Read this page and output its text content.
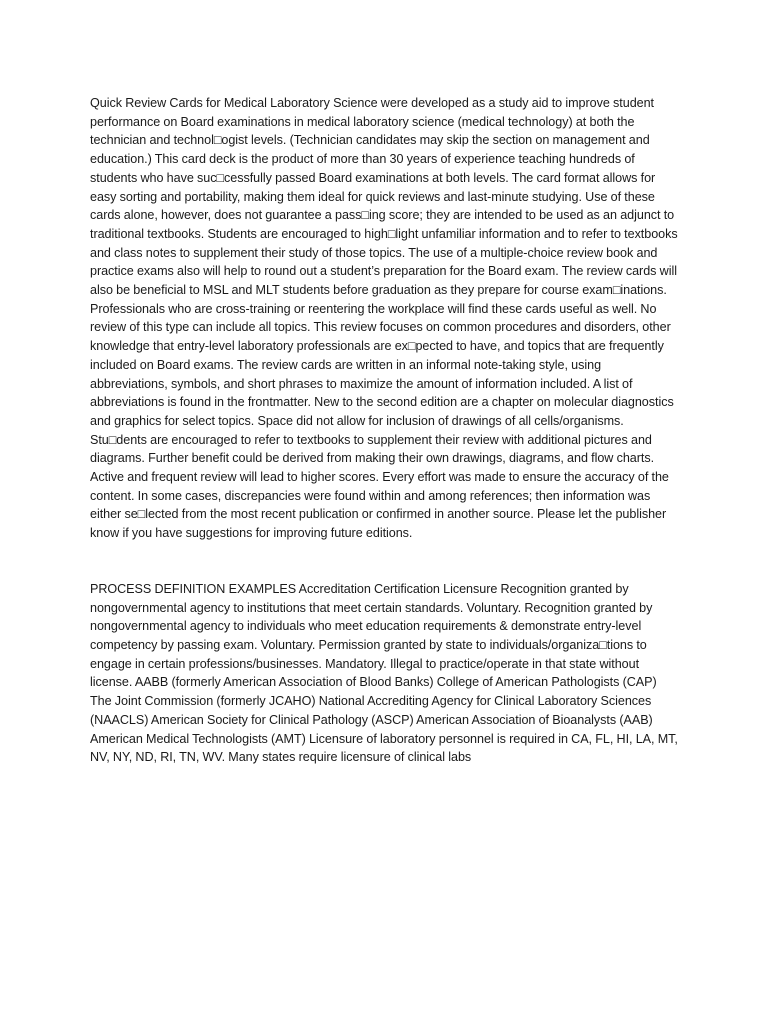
Quick Review Cards for Medical Laboratory Science were developed as a study aid to improve student performance on Board examinations in medical laboratory science (medical technology) at both the technician and technol□ogist levels. (Technician candidates may skip the section on management and education.) This card deck is the product of more than 30 years of experience teaching hundreds of students who have suc□cessfully passed Board examinations at both levels. The card format allows for easy sorting and portability, making them ideal for quick reviews and last-minute studying. Use of these cards alone, however, does not guarantee a pass□ing score; they are intended to be used as an adjunct to traditional textbooks. Students are encouraged to high□light unfamiliar information and to refer to textbooks and class notes to supplement their study of those topics. The use of a multiple-choice review book and practice exams also will help to round out a student’s preparation for the Board exam. The review cards will also be beneficial to MSL and MLT students before graduation as they prepare for course exam□inations. Professionals who are cross-training or reentering the workplace will find these cards useful as well. No review of this type can include all topics. This review focuses on common procedures and disorders, other knowledge that entry-level laboratory professionals are ex□pected to have, and topics that are frequently included on Board exams. The review cards are written in an informal note-taking style, using abbreviations, symbols, and short phrases to maximize the amount of information included. A list of abbreviations is found in the frontmatter. New to the second edition are a chapter on molecular diagnostics and graphics for select topics. Space did not allow for inclusion of drawings of all cells/organisms. Stu□dents are encouraged to refer to textbooks to supplement their review with additional pictures and diagrams. Further benefit could be derived from making their own drawings, diagrams, and flow charts. Active and frequent review will lead to higher scores. Every effort was made to ensure the accuracy of the content. In some cases, discrepancies were found within and among references; then information was either se□lected from the most recent publication or confirmed in another source. Please let the publisher know if you have suggestions for improving future editions.

PROCESS DEFINITION EXAMPLES Accreditation Certification Licensure Recognition granted by nongovernmental agency to institutions that meet certain standards. Voluntary. Recognition granted by nongovernmental agency to individuals who meet education requirements & demonstrate entry-level competency by passing exam. Voluntary. Permission granted by state to individuals/organiza□tions to engage in certain professions/businesses. Mandatory. Illegal to practice/operate in that state without license. AABB (formerly American Association of Blood Banks) College of American Pathologists (CAP) The Joint Commission (formerly JCAHO) National Accrediting Agency for Clinical Laboratory Sciences (NAACLS) American Society for Clinical Pathology (ASCP) American Association of Bioanalysts (AAB) American Medical Technologists (AMT) Licensure of laboratory personnel is required in CA, FL, HI, LA, MT, NV, NY, ND, RI, TN, WV. Many states require licensure of clinical labs
